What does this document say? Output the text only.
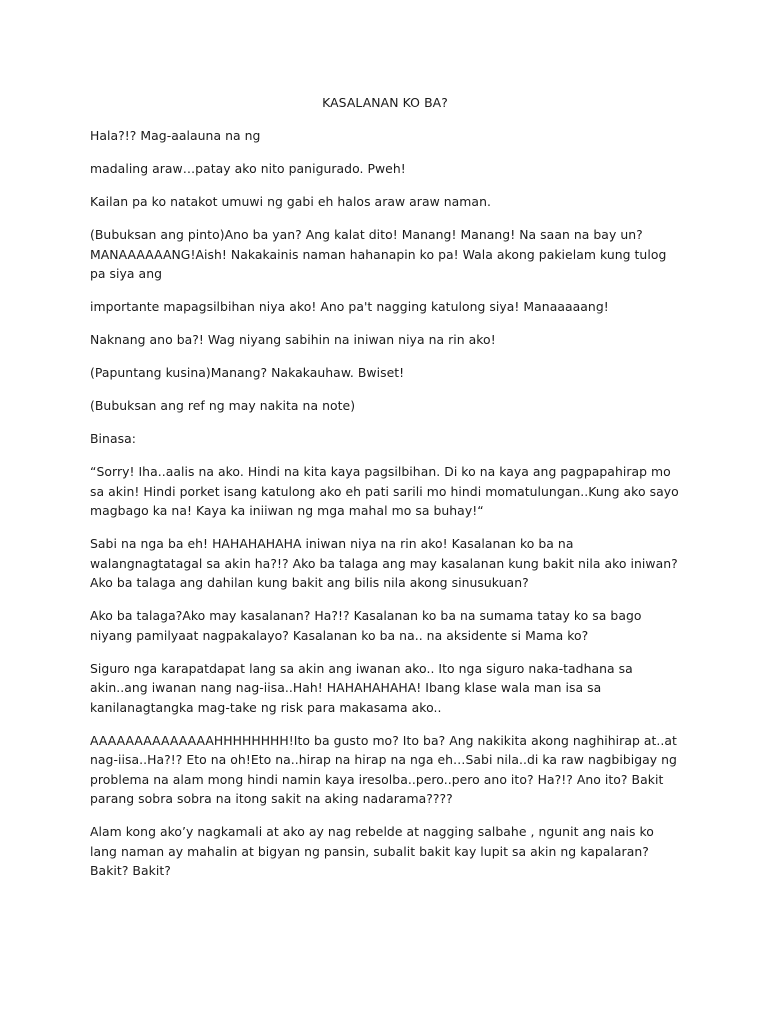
KASALANAN KO BA?

Hala?!? Mag-aalauna na ng

madaling araw…patay ako nito panigurado. Pweh!

Kailan pa ko natakot umuwi ng gabi eh halos araw araw naman.

(Bubuksan ang pinto)Ano ba yan? Ang kalat dito! Manang! Manang! Na saan na bay un? MANAAAAAANG!Aish! Nakakainis naman hahanapin ko pa! Wala akong pakielam kung tulog pa siya ang

importante mapagsilbihan niya ako! Ano pa't nagging katulong siya! Manaaaaang!

Naknang ano ba?! Wag niyang sabihin na iniwan niya na rin ako!

(Papuntang kusina)Manang? Nakakauhaw. Bwiset!

(Bubuksan ang ref ng may nakita na note)

Binasa:

“Sorry! Iha..aalis na ako. Hindi na kita kaya pagsilbihan. Di ko na kaya ang pagpapahirap mo sa akin! Hindi porket isang katulong ako eh pati sarili mo hindi momatulungan..Kung ako sayo magbago ka na! Kaya ka iniiwan ng mga mahal mo sa buhay!“

Sabi na nga ba eh! HAHAHAHAHA iniwan niya na rin ako! Kasalanan ko ba na walangnagtatagal sa akin ha?!? Ako ba talaga ang may kasalanan kung bakit nila ako iniwan?Ako ba talaga ang dahilan kung bakit ang bilis nila akong sinusukuan?

Ako ba talaga?Ako may kasalanan? Ha?!? Kasalanan ko ba na sumama tatay ko sa bago niyang pamilyaat nagpakalayo? Kasalanan ko ba na.. na aksidente si Mama ko?

Siguro nga karapatdapat lang sa akin ang iwanan ako.. Ito nga siguro naka-tadhana sa akin..ang iwanan nang nag-iisa..Hah! HAHAHAHAHA! Ibang klase wala man isa sa kanilanagtangka mag-take ng risk para makasama ako..

AAAAAAAAAAAAAAHHHHHHHH!Ito ba gusto mo? Ito ba? Ang nakikita akong naghihirap at..at nag-iisa..Ha?!? Eto na oh!Eto na..hirap na hirap na nga eh…Sabi nila..di ka raw nagbibigay ng problema na alam mong hindi namin kaya iresolba..pero..pero ano ito? Ha?!? Ano ito? Bakit parang sobra sobra na itong sakit na aking nadarama????

Alam kong ako’y nagkamali at ako ay nag rebelde at nagging salbahe , ngunit ang nais ko lang naman ay mahalin at bigyan ng pansin, subalit bakit kay lupit sa akin ng kapalaran? Bakit? Bakit?
